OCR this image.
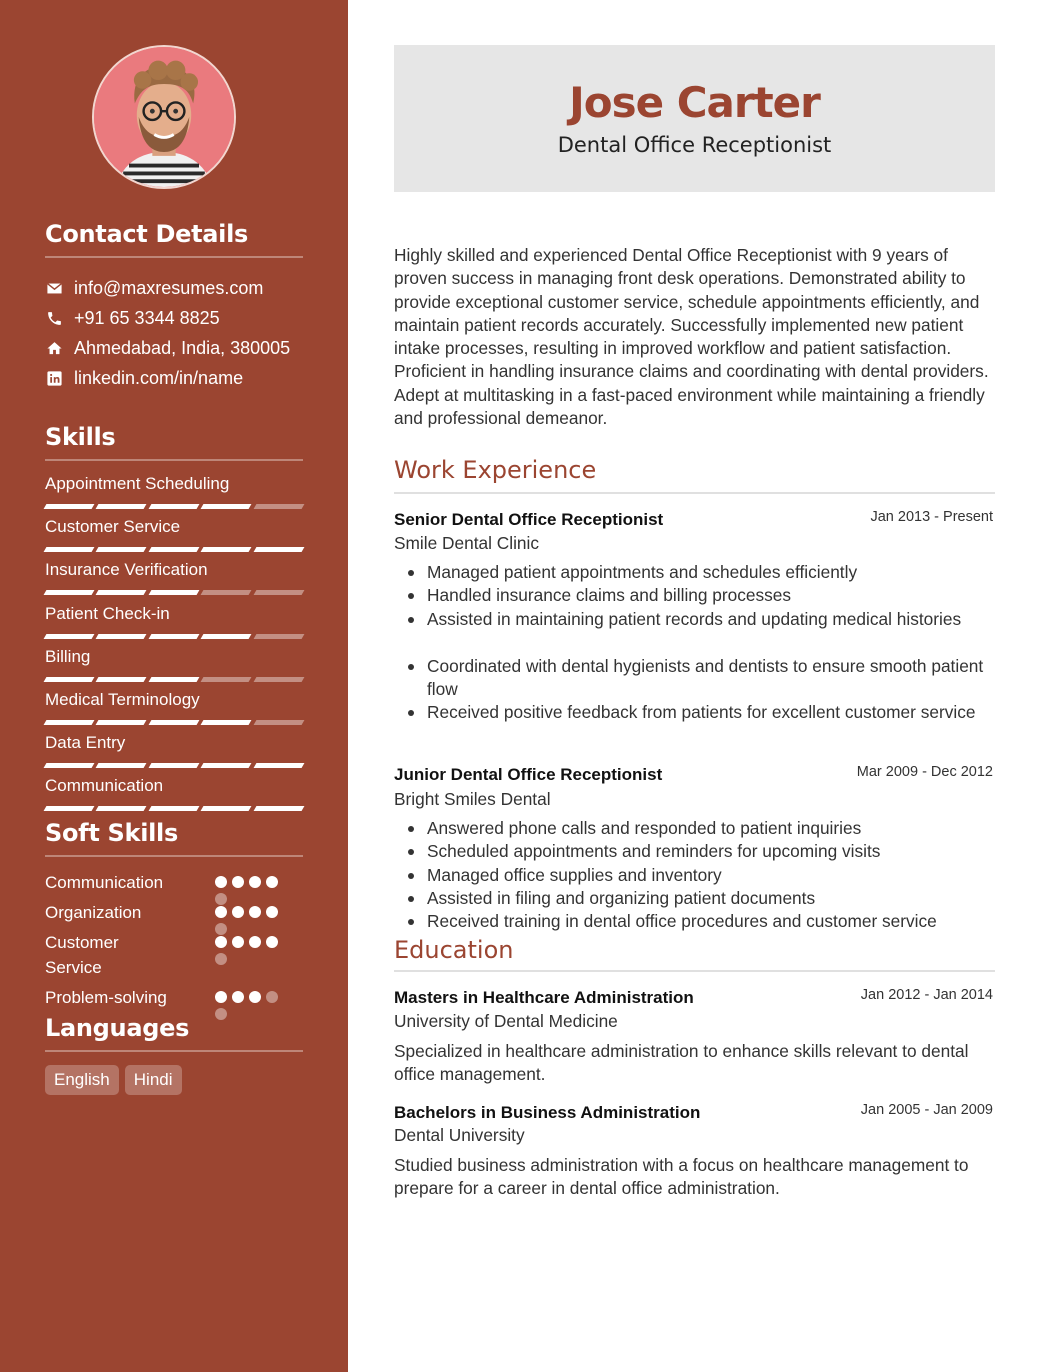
Contact Details
info@maxresumes.com
+91 65 3344 8825
Ahmedabad, India, 380005
linkedin.com/in/name
Skills
Soft Skills
Languages
English	Hindi
Appointment Scheduling
Customer Service
Insurance Verification
Patient Check-in
Billing
Medical Terminology
Data Entry
Communication
Communication
Organization
Customer Service
Problem-solving
Jose Carter
Dental Office Receptionist
Highly skilled and experienced Dental Office Receptionist with 9 years of proven success in managing front desk operations. Demonstrated ability to provide exceptional customer service, schedule appointments efficiently, and maintain patient records accurately. Successfully implemented new patient intake processes, resulting in improved workflow and patient satisfaction. Proficient in handling insurance claims and coordinating with dental providers. Adept at multitasking in a fast-paced environment while maintaining a friendly and professional demeanor.
Work Experience
Senior Dental Office Receptionist	Jan 2013 - Present
Smile Dental Clinic
Managed patient appointments and schedules efficiently
Handled insurance claims and billing processes
Assisted in maintaining patient records and updating medical histories
Coordinated with dental hygienists and dentists to ensure smooth patient flow
Received positive feedback from patients for excellent customer service
Junior Dental Office Receptionist	Mar 2009 - Dec 2012
Bright Smiles Dental
Answered phone calls and responded to patient inquiries
Scheduled appointments and reminders for upcoming visits
Managed office supplies and inventory
Assisted in filing and organizing patient documents
Received training in dental office procedures and customer service
Education
Masters in Healthcare Administration	Jan 2012 - Jan 2014
University of Dental Medicine
Specialized in healthcare administration to enhance skills relevant to dental office management.
Bachelors in Business Administration	Jan 2005 - Jan 2009
Dental University
Studied business administration with a focus on healthcare management to prepare for a career in dental office administration.
